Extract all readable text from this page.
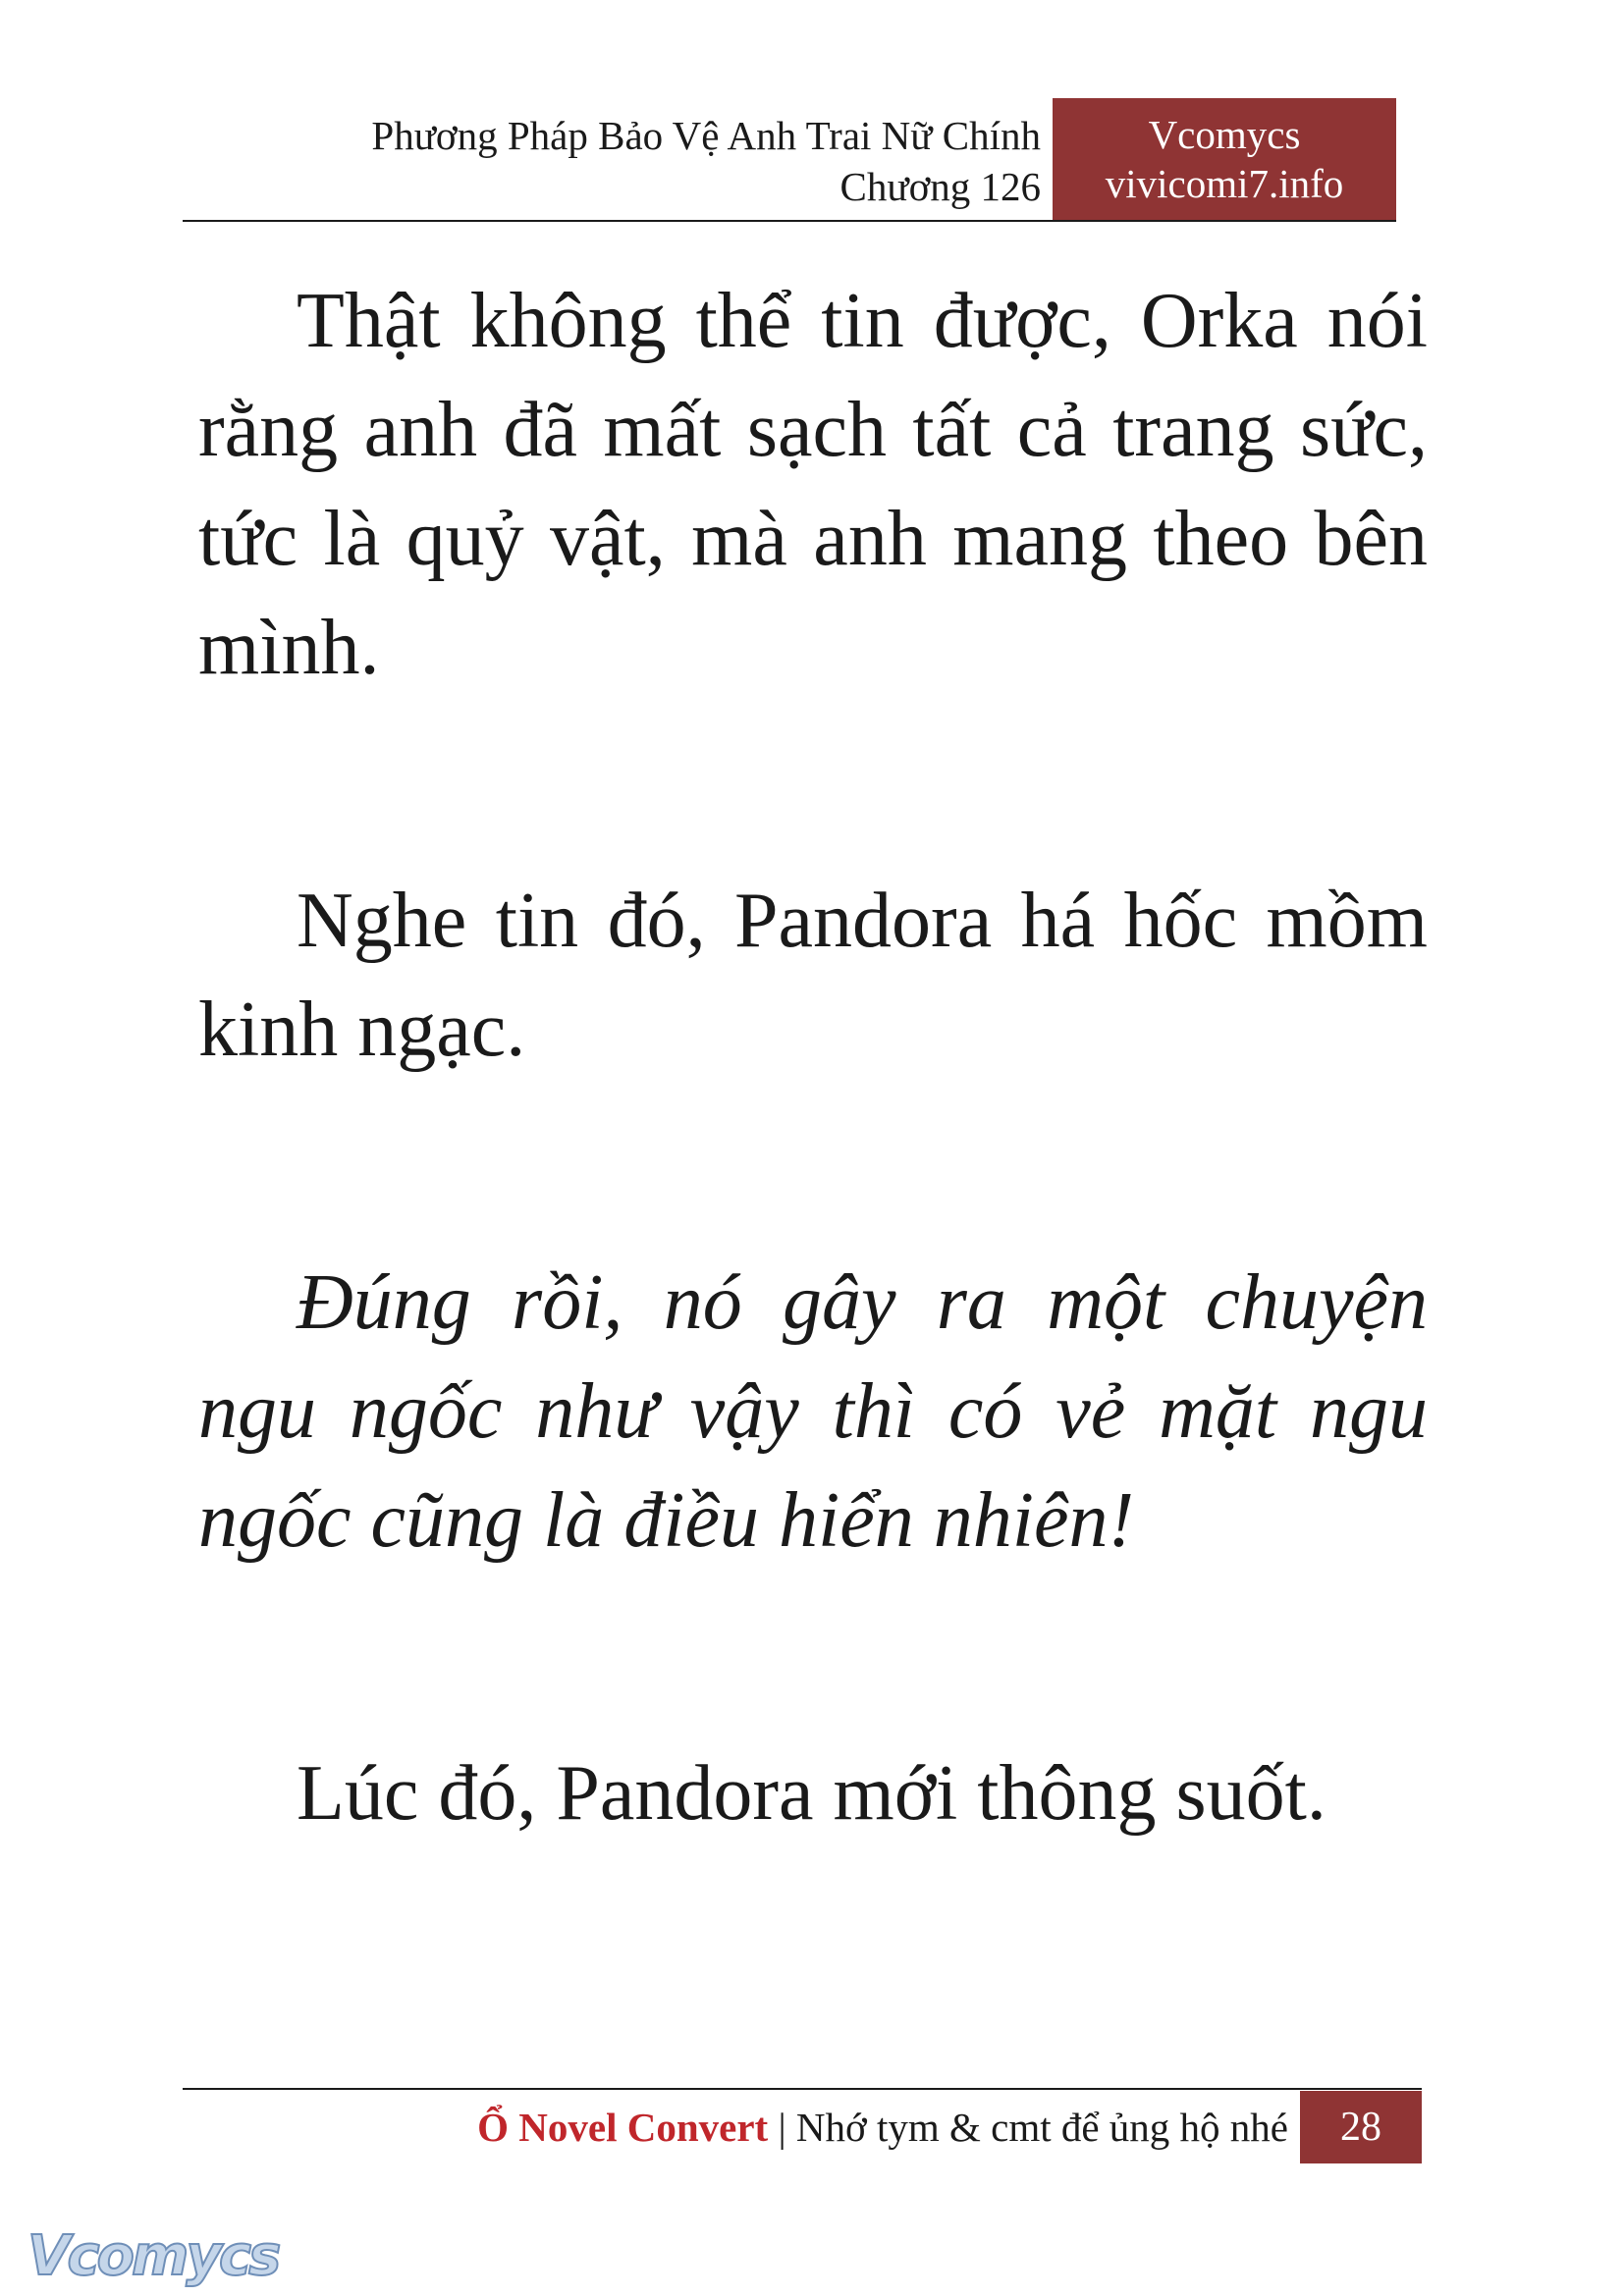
Phương Pháp Bảo Vệ Anh Trai Nữ Chính
Chương 126
Vcomycs
vivicomi7.info

Thật không thể tin được, Orka nói rằng anh đã mất sạch tất cả trang sức, tức là quỷ vật, mà anh mang theo bên mình.

Nghe tin đó, Pandora há hốc mồm kinh ngạc.

Đúng rồi, nó gây ra một chuyện ngu ngốc như vậy thì có vẻ mặt ngu ngốc cũng là điều hiển nhiên!

Lúc đó, Pandora mới thông suốt.

Ổ Novel Convert | Nhớ tym & cmt để ủng hộ nhé	28
Vcomycs
